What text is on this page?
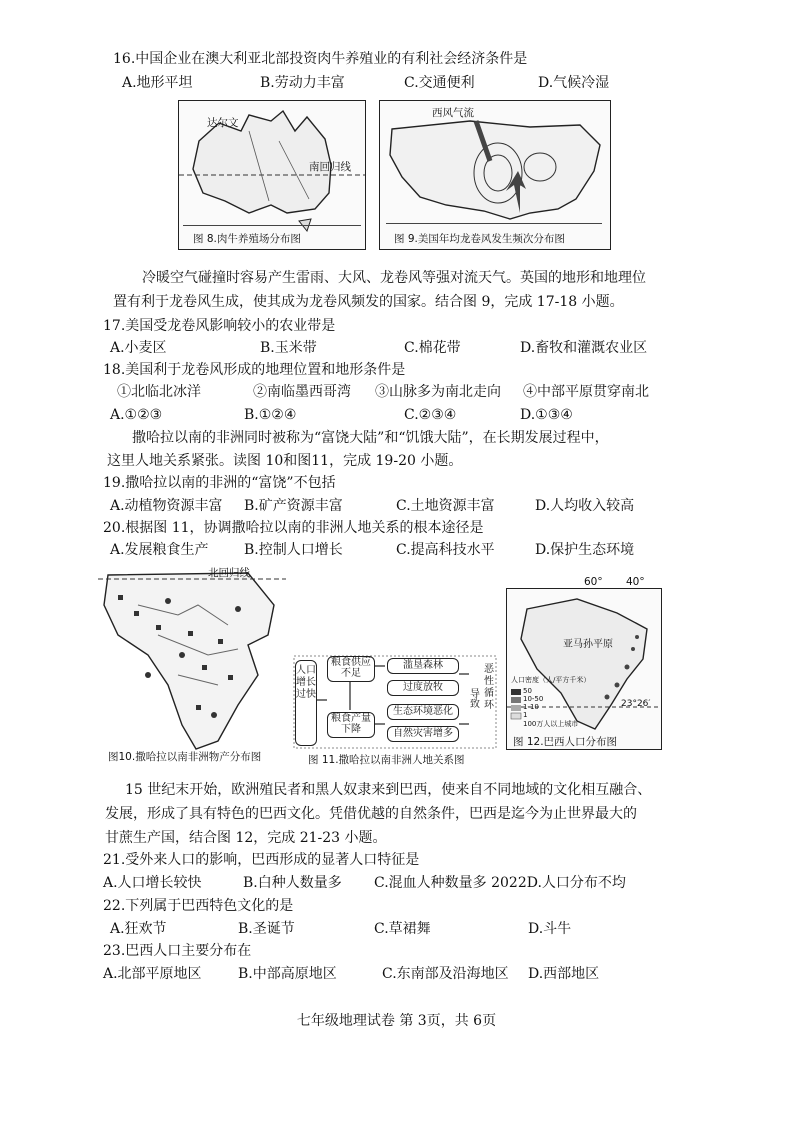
16.中国企业在澳大利亚北部投资肉牛养殖业的有利社会经济条件是
A.地形平坦	B.劳动力丰富	C.交通便利	D.气候冷湿
达尔文
南回归线
图 8.肉牛养殖场分布图
西风气流
图 9.美国年均龙卷风发生频次分布图
冷暖空气碰撞时容易产生雷雨、大风、龙卷风等强对流天气。英国的地形和地理位
置有利于龙卷风生成，使其成为龙卷风频发的国家。结合图 9，完成 17-18 小题。
17.美国受龙卷风影响较小的农业带是
A.小麦区	B.玉米带	C.棉花带	D.畜牧和灌溉农业区
18.美国利于龙卷风形成的地理位置和地形条件是
①北临北冰洋	②南临墨西哥湾 ③山脉多为南北走向 ④中部平原贯穿南北
A.①②③	B.①②④	C.②③④	D.①③④
撒哈拉以南的非洲同时被称为“富饶大陆”和“饥饿大陆”，在长期发展过程中，
这里人地关系紧张。读图 10和图11，完成 19-20 小题。
19.撒哈拉以南的非洲的“富饶”不包括
A.动植物资源丰富 B.矿产资源丰富	C.土地资源丰富	D.人均收入较高
20.根据图 11，协调撒哈拉以南的非洲人地关系的根本途径是
A.发展粮食生产	B.控制人口增长	C.提高科技水平	D.保护生态环境
北回归线
图10.撒哈拉以南非洲物产分布图
人口增长过快
粮食供应不足
粮食产量下降
滥垦森林
过度放牧
生态环境恶化
自然灾害增多
导致
恶性循环
图 11.撒哈拉以南非洲人地关系图
亚马孙平原
人口密度（人/平方千米）
50
10-50
1-10
1
100万人以上城市
23°26′
图 12.巴西人口分布图
60° 40°
15 世纪末开始，欧洲殖民者和黑人奴隶来到巴西，使来自不同地域的文化相互融合、
发展，形成了具有特色的巴西文化。凭借优越的自然条件，巴西是迄今为止世界最大的
甘蔗生产国，结合图 12，完成 21-23 小题。
21.受外来人口的影响，巴西形成的显著人口特征是
A.人口增长较快	B.白种人数量多 C.混血人种数量多 2022D.人口分布不均
22.下列属于巴西特色文化的是
A.狂欢节	B.圣诞节	C.草裙舞	D.斗牛
23.巴西人口主要分布在
A.北部平原地区	B.中部高原地区	C.东南部及沿海地区 D.西部地区
七年级地理试卷 第 3页，共 6页
